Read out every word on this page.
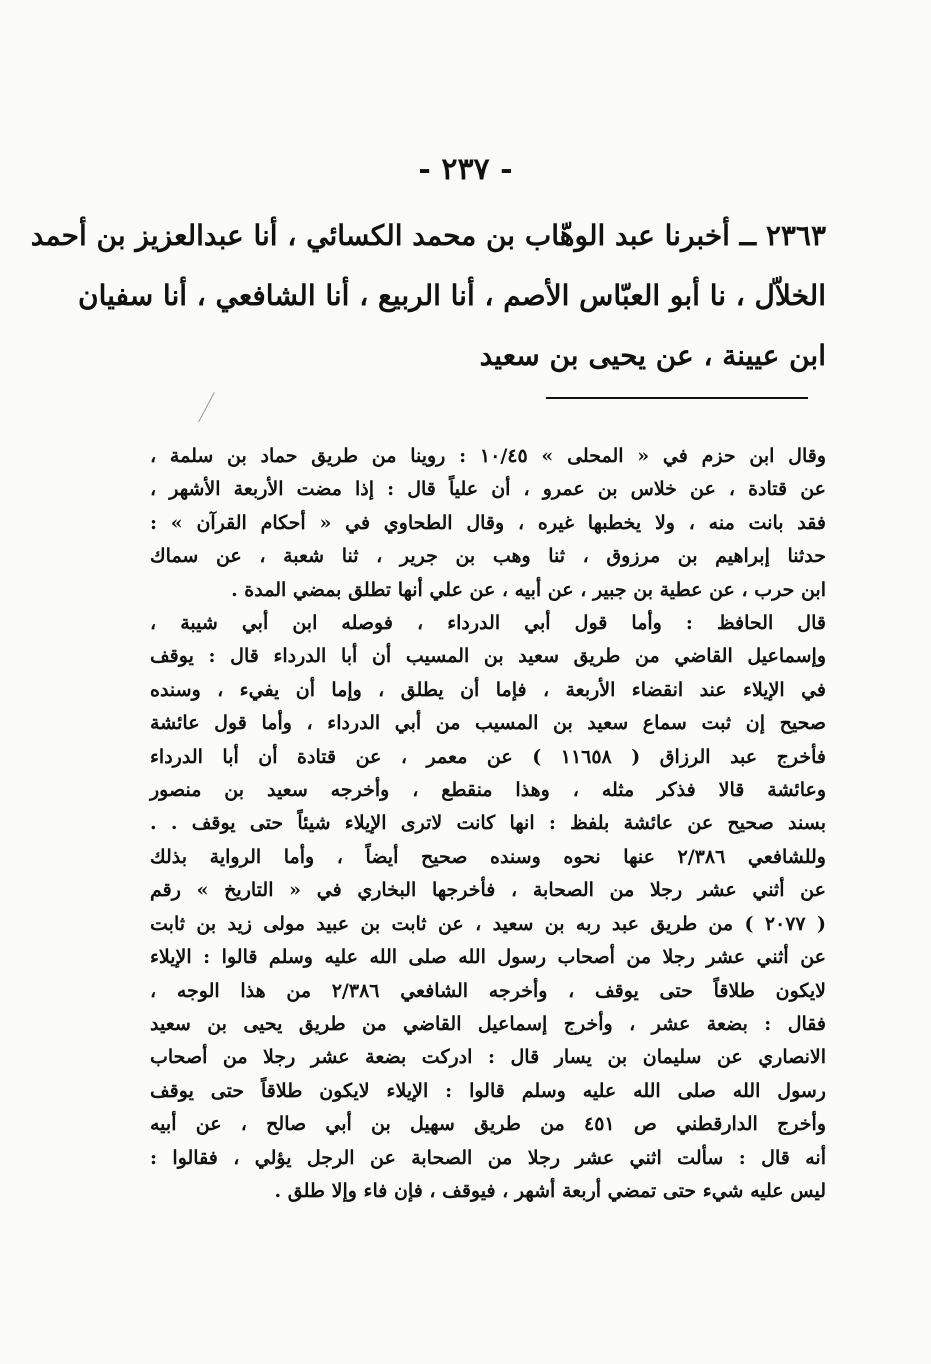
- ٢٣٧ -
٢٣٦٣ ــ أخبرنا عبد الوهّاب بن محمد الكسائي ، أنا عبدالعزيز بن أحمد
الخلاّل ، نا أبو العبّاس الأصم ، أنا الربيع ، أنا الشافعي ، أنا سفيان
ابن عيينة ، عن يحيى بن سعيد
وقال ابن حزم في « المحلى » ١٠/٤٥ : روينا من طريق حماد بن سلمة ،
عن قتادة ، عن خلاس بن عمرو ، أن علياً قال : إذا مضت الأربعة الأشهر ،
فقد بانت منه ، ولا يخطبها غيره ، وقال الطحاوي في « أحكام القرآن » :
حدثنا إبراهيم بن مرزوق ، ثنا وهب بن جرير ، ثنا شعبة ، عن سماك
ابن حرب ، عن عطية بن جبير ، عن أبيه ، عن علي أنها تطلق بمضي المدة .
قال الحافظ : وأما قول أبي الدرداء ، فوصله ابن أبي شيبة ،
وإسماعيل القاضي من طريق سعيد بن المسيب أن أبا الدرداء قال : يوقف
في الإيلاء عند انقضاء الأربعة ، فإما أن يطلق ، وإما أن يفيء ، وسنده
صحيح إن ثبت سماع سعيد بن المسيب من أبي الدرداء ، وأما قول عائشة
فأخرج عبد الرزاق ( ١١٦٥٨ ) عن معمر ، عن قتادة أن أبا الدرداء
وعائشة قالا فذكر مثله ، وهذا منقطع ، وأخرجه سعيد بن منصور
بسند صحيح عن عائشة بلفظ : انها كانت لاترى الإيلاء شيئاً حتى يوقف . .
وللشافعي ٢/٣٨٦ عنها نحوه وسنده صحيح أيضاً ، وأما الرواية بذلك
عن أثني عشر رجلا من الصحابة ، فأخرجها البخاري في « التاريخ » رقم
( ٢٠٧٧ ) من طريق عبد ربه بن سعيد ، عن ثابت بن عبيد مولى زيد بن ثابت
عن أثني عشر رجلا من أصحاب رسول الله صلى الله عليه وسلم قالوا : الإيلاء
لايكون طلاقاً حتى يوقف ، وأخرجه الشافعي ٢/٣٨٦ من هذا الوجه ،
فقال : بضعة عشر ، وأخرج إسماعيل القاضي من طريق يحيى بن سعيد
الانصاري عن سليمان بن يسار قال : ادركت بضعة عشر رجلا من أصحاب
رسول الله صلى الله عليه وسلم قالوا : الإيلاء لايكون طلاقاً حتى يوقف
وأخرج الدارقطني ص ٤٥١ من طريق سهيل بن أبي صالح ، عن أبيه
أنه قال : سألت اثني عشر رجلا من الصحابة عن الرجل يؤلي ، فقالوا :
ليس عليه شيء حتى تمضي أربعة أشهر ، فيوقف ، فإن فاء وإلا طلق .
